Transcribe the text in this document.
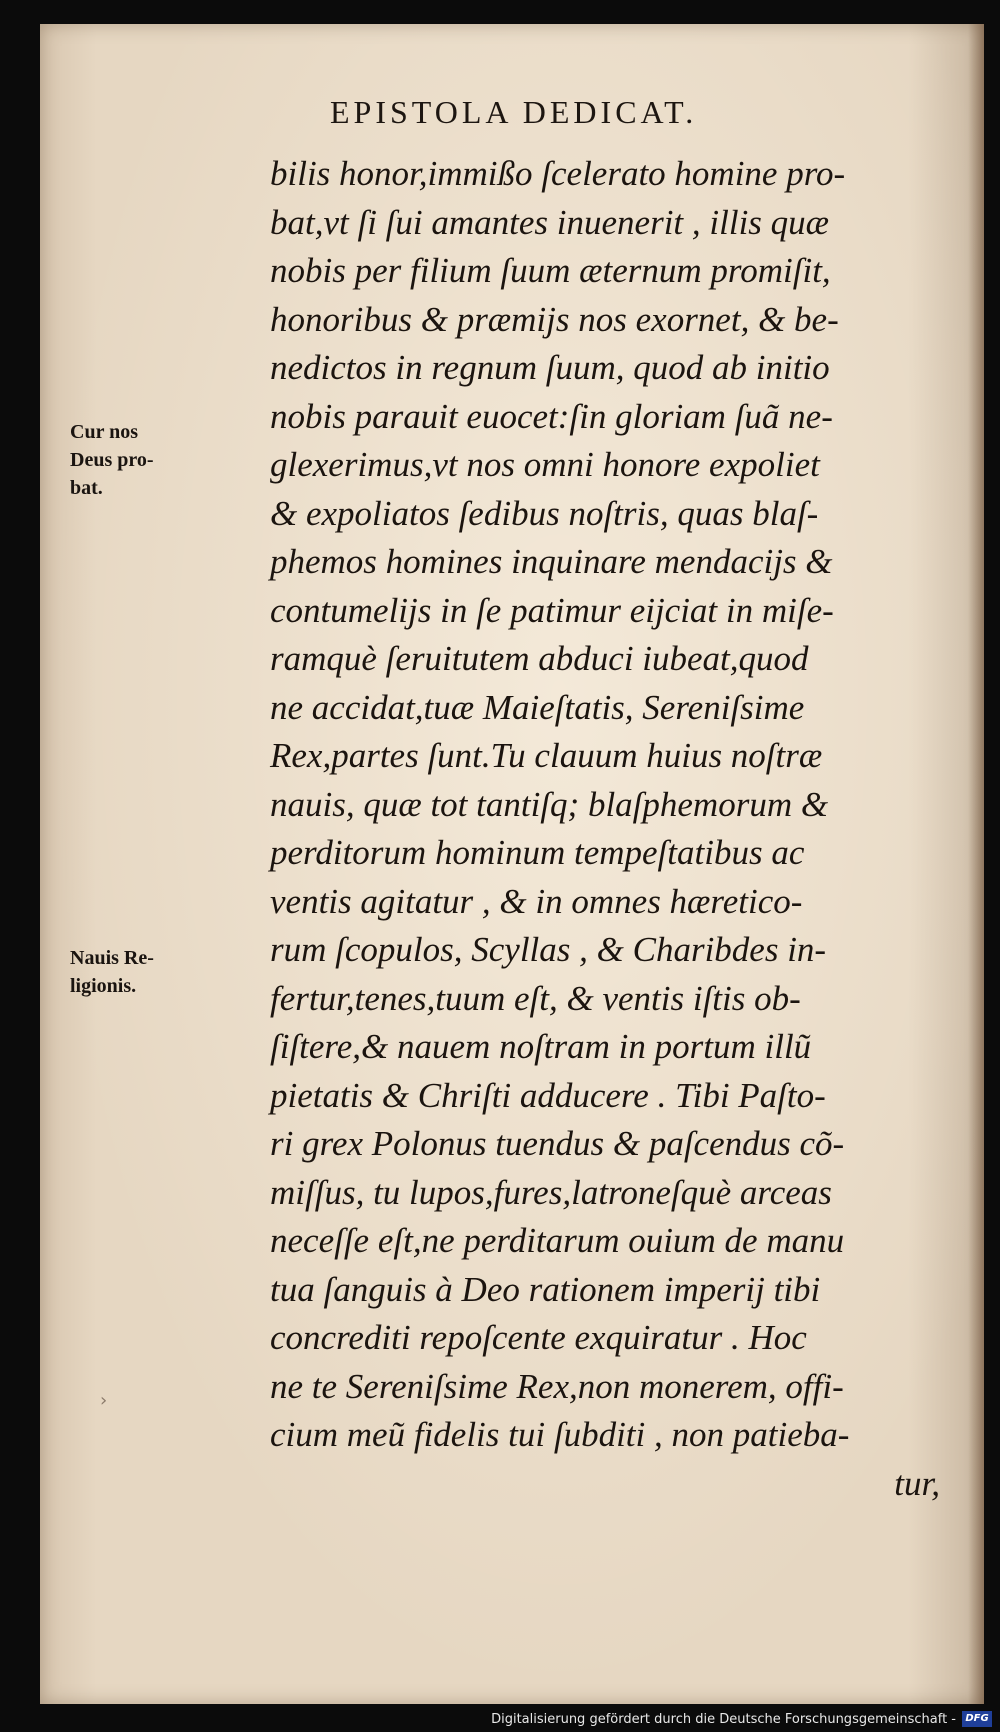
EPISTOLA DEDICAT.
Cur nos
Deus pro-
bat.
Nauis Re-
ligionis.
bilis honor,immißo ſcelerato homine pro-
bat,vt ſi ſui amantes inuenerit , illis quæ
nobis per filium ſuum æternum promiſit,
honoribus & præmijs nos exornet, & be-
nedictos in regnum ſuum, quod ab initio
nobis parauit euocet:ſin gloriam ſuã ne-
glexerimus,vt nos omni honore expoliet
& expoliatos ſedibus noſtris, quas blaſ-
phemos homines inquinare mendacijs &
contumelijs in ſe patimur eijciat in miſe-
ramquè ſeruitutem abduci iubeat,quod
ne accidat,tuæ Maieſtatis, Sereniſsime
Rex,partes ſunt.Tu clauum huius noſtræ
nauis, quæ tot tantiſq; blaſphemorum &
perditorum hominum tempeſtatibus ac
ventis agitatur , & in omnes hæretico-
rum ſcopulos, Scyllas , & Charibdes in-
fertur,tenes,tuum eſt, & ventis iſtis ob-
ſiſtere,& nauem noſtram in portum illũ
pietatis & Chriſti adducere . Tibi Paſto-
ri grex Polonus tuendus & paſcendus cõ-
miſſus, tu lupos,fures,latroneſquè arceas
neceſſe eſt,ne perditarum ouium de manu
tua ſanguis à Deo rationem imperij tibi
concrediti repoſcente exquiratur . Hoc
ne te Sereniſsime Rex,non monerem, offi-
cium meũ fidelis tui ſubditi , non patieba-
tur,
›
Digitalisierung gefördert durch die Deutsche Forschungsgemeinschaft - DFG
